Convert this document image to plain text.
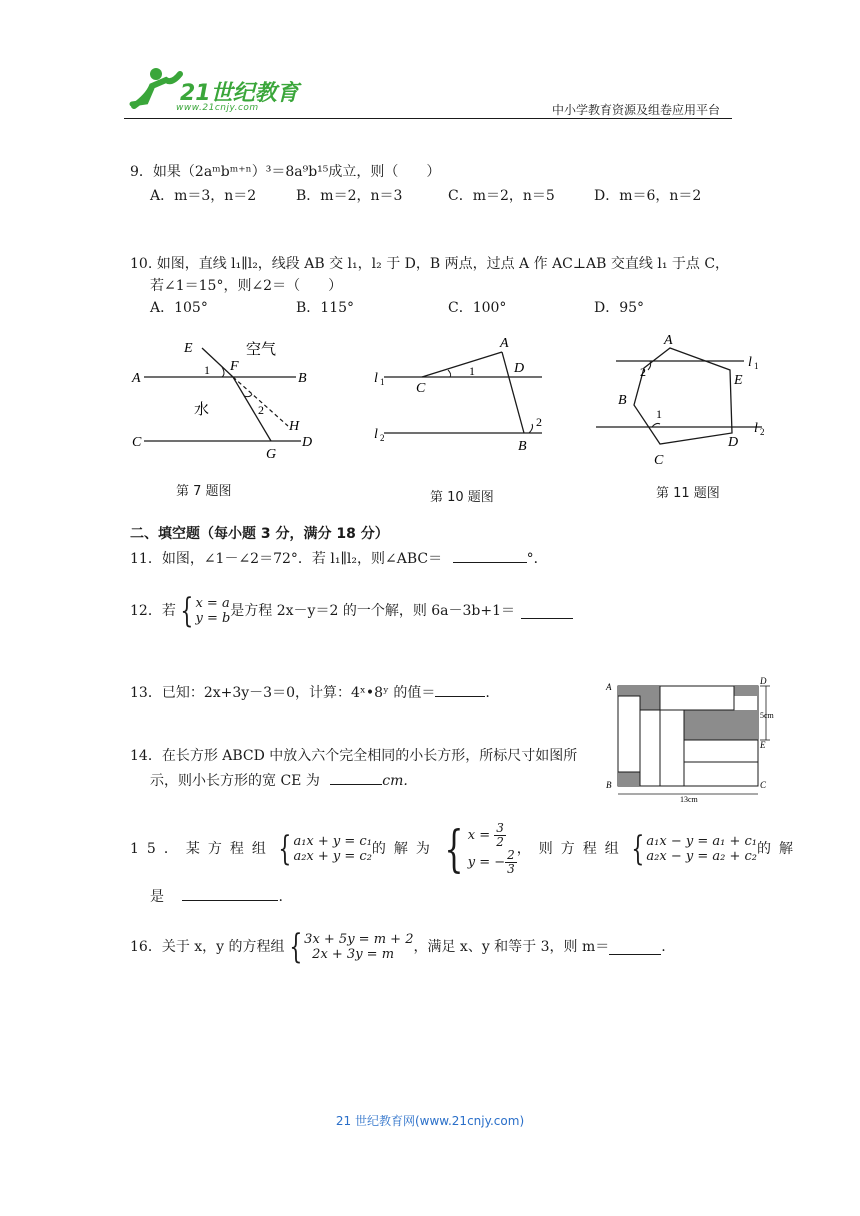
21世纪教育
www.21cnjy.com	中小学教育资源及组卷应用平台
9．如果（2aᵐbᵐ⁺ⁿ）³＝8a⁹b¹⁵成立，则（　　）
A．m＝3，n＝2	B．m＝2，n＝3	C．m＝2，n＝5	D．m＝6，n＝2
10. 如图，直线 l₁∥l₂，线段 AB 交 l₁，l₂ 于 D，B 两点，过点 A 作 AC⊥AB 交直线 l₁ 于点 C，
若∠1＝15°，则∠2＝（　　）
A．105°	B．115°	C．100°	D．95°
E
F
A	B
C	D
G
H
空气
水
1
2
第 7 题图
A
C
D
B
l 1
l 2
1
2
第 10 题图
A
B
C
D
E
l 1
l 2
2
1
第 11 题图
二、填空题（每小题 3 分，满分 18 分）
11．如图，∠1－∠2＝72°．若 l₁∥l₂，则∠ABC＝	°．
12．若 { x = a
y = b 是方程 2x－y＝2 的一个解，则 6a－3b+1＝
13．已知：2x+3y－3＝0，计算：4ˣ•8ʸ 的值＝	.
14．在长方形 ABCD 中放入六个完全相同的小长方形，所标尺寸如图所
示，则小长方形的宽 CE 为	cm.
A
D
E
B	C
5cm
13cm
15．某方程组 { a₁x + y = c₁
a₂x + y = c₂ 的解为 { $x = \frac{3}{2}$
y = − $\frac{2}{3}$ ，则方程组 { a₁x − y = a₁ + c₁
a₂x − y = a₂ + c₂ 的解
是	.
16．关于 x，y 的方程组 { 3x + 5y = m + 2
2x + 3y = m	，满足 x、y 和等于 3，则 m＝	.
21 世纪教育网(www.21cnjy.com)
